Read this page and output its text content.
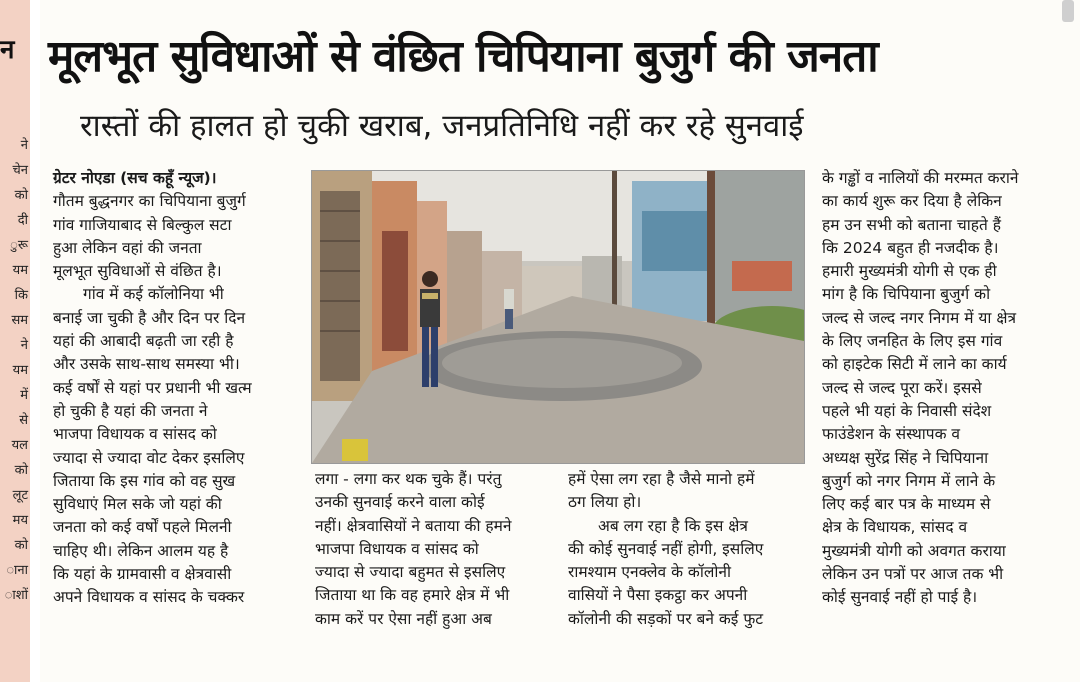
न
ने
चेन
को
दी
ुरू
यम
कि
सम
ने
यम
में
से
यल
को
लूट
मय
को
ाना
ाशों
मूलभूत सुविधाओं से वंछित चिपियाना बुजुर्ग की जनता
रास्तों की हालत हो चुकी खराब, जनप्रतिनिधि नहीं कर रहे सुनवाई
ग्रेटर नोएडा (सच कहूँ न्यूज)।
गौतम बुद्धनगर का चिपियाना बुजुर्ग
गांव गाजियाबाद से बिल्कुल सटा
हुआ लेकिन वहां की जनता
मूलभूत सुविधाओं से वंछित है।
गांव में कई कॉलोनिया भी
बनाई जा चुकी है और दिन पर दिन
यहां की आबादी बढ़ती जा रही है
और उसके साथ-साथ समस्या भी।
कई वर्षों से यहां पर प्रधानी भी खत्म
हो चुकी है यहां की जनता ने
भाजपा विधायक व सांसद को
ज्यादा से ज्यादा वोट देकर इसलिए
जिताया कि इस गांव को वह सुख
सुविधाएं मिल सके जो यहां की
जनता को कई वर्षों पहले मिलनी
चाहिए थी। लेकिन आलम यह है
कि यहां के ग्रामवासी व क्षेत्रवासी
अपने विधायक व सांसद के चक्कर
लगा - लगा कर थक चुके हैं। परंतु
उनकी सुनवाई करने वाला कोई
नहीं। क्षेत्रवासियों ने बताया की हमने
भाजपा विधायक व सांसद को
ज्यादा से ज्यादा बहुमत से इसलिए
जिताया था कि वह हमारे क्षेत्र में भी
काम करें पर ऐसा नहीं हुआ अब
हमें ऐसा लग रहा है जैसे मानो हमें
ठग लिया हो।
अब लग रहा है कि इस क्षेत्र
की कोई सुनवाई नहीं होगी, इसलिए
रामश्याम एनक्लेव के कॉलोनी
वासियों ने पैसा इकट्ठा कर अपनी
कॉलोनी की सड़कों पर बने कई फुट
के गड्ढों व नालियों की मरम्मत कराने
का कार्य शुरू कर दिया है लेकिन
हम उन सभी को बताना चाहते हैं
कि 2024 बहुत ही नजदीक है।
हमारी मुख्यमंत्री योगी से एक ही
मांग है कि चिपियाना बुजुर्ग को
जल्द से जल्द नगर निगम में या क्षेत्र
के लिए जनहित के लिए इस गांव
को हाइटेक सिटी में लाने का कार्य
जल्द से जल्द पूरा करें। इससे
पहले भी यहां के निवासी संदेश
फाउंडेशन के संस्थापक व
अध्यक्ष सुरेंद्र सिंह ने चिपियाना
बुजुर्ग को नगर निगम में लाने के
लिए कई बार पत्र के माध्यम से
क्षेत्र के विधायक, सांसद व
मुख्यमंत्री योगी को अवगत कराया
लेकिन उन पत्रों पर आज तक भी
कोई सुनवाई नहीं हो पाई है।
